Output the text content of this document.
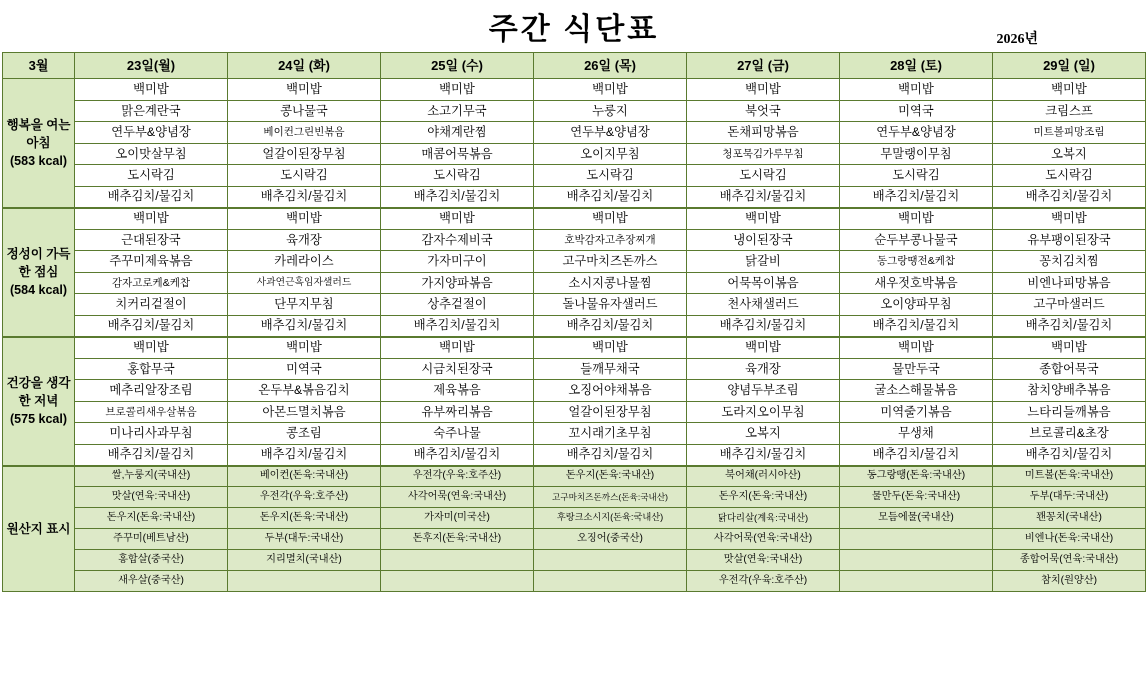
주간 식단표	2026년
3월	23일(월)	24일 (화)	25일 (수)	26일 (목)	27일 (금)	28일 (토)	29일 (일)
행복을 여는 아침
(583 kcal)	백미밥	백미밥	백미밥	백미밥	백미밥	백미밥	백미밥
	맑은계란국	콩나물국	소고기무국	누룽지	북엇국	미역국	크림스프
	연두부&양념장	베이컨그린빈볶음	야채계란찜	연두부&양념장	돈채피망볶음	연두부&양념장	미트볼피망조림
	오이맛살무침	얼갈이된장무침	매콤어묵볶음	오이지무침	청포묵김가루무침	무말랭이무침	오복지
	도시락김	도시락김	도시락김	도시락김	도시락김	도시락김	도시락김
	배추김치/물김치	배추김치/물김치	배추김치/물김치	배추김치/물김치	배추김치/물김치	배추김치/물김치	배추김치/물김치
정성이 가득한 점심
(584 kcal)	백미밥	백미밥	백미밥	백미밥	백미밥	백미밥	백미밥
	근대된장국	육개장	감자수제비국	호박감자고추장찌개	냉이된장국	순두부콩나물국	유부팽이된장국
	주꾸미제육볶음	카레라이스	가자미구이	고구마치즈돈까스	닭갈비	동그랑땡전&케찹	꽁치김치찜
	감자고로케&케찹	사과연근흑임자샐러드	가지양파볶음	소시지콩나물찜	어묵목이볶음	새우젓호박볶음	비엔나피망볶음
	치커리겉절이	단무지무침	상추겉절이	돌나물유자샐러드	천사채샐러드	오이양파무침	고구마샐러드
	배추김치/물김치	배추김치/물김치	배추김치/물김치	배추김치/물김치	배추김치/물김치	배추김치/물김치	배추김치/물김치
건강을 생각한 저녁
(575 kcal)	백미밥	백미밥	백미밥	백미밥	백미밥	백미밥	백미밥
	홍합무국	미역국	시금치된장국	들깨무채국	육개장	물만두국	종합어묵국
	메추리알장조림	온두부&볶음김치	제육볶음	오징어야채볶음	양념두부조림	굴소스해물볶음	참치양배추볶음
	브로콜리새우살볶음	아몬드멸치볶음	유부짜리볶음	얼갈이된장무침	도라지오이무침	미역줄기볶음	느타리들깨볶음
	미나리사과무침	콩조림	숙주나물	꼬시래기초무침	오복지	무생채	브로콜리&초장
	배추김치/물김치	배추김치/물김치	배추김치/물김치	배추김치/물김치	배추김치/물김치	배추김치/물김치	배추김치/물김치
원산지 표시	쌀,누룽지(국내산)	베이컨(돈육:국내산)	우전각(우육:호주산)	돈우지(돈육:국내산)	북어채(러시아산)	동그랑땡(돈육:국내산)	미트볼(돈육:국내산)
	맛살(연육:국내산)	우전각(우육:호주산)	사각어묵(연육:국내산)	고구마치즈돈까스(돈육:국내산)	돈우지(돈육:국내산)	물만두(돈육:국내산)	두부(대두:국내산)
	돈우지(돈육:국내산)	돈우지(돈육:국내산)	가자미(미국산)	후랑크소시지(돈육:국내산)	닭다리살(계육:국내산)	모듬에물(국내산)	꽨꽁치(국내산)
	주꾸미(베트남산)	두부(대두:국내산)	돈후지(돈육:국내산)	오징어(중국산)	사각어묵(연육:국내산)		비엔나(돈육:국내산)
	홍합살(중국산)	지리멸치(국내산)			맛살(연육:국내산)		종합어묵(연육:국내산)
	새우살(중국산)				우전각(우육:호주산)		참치(원양산)
